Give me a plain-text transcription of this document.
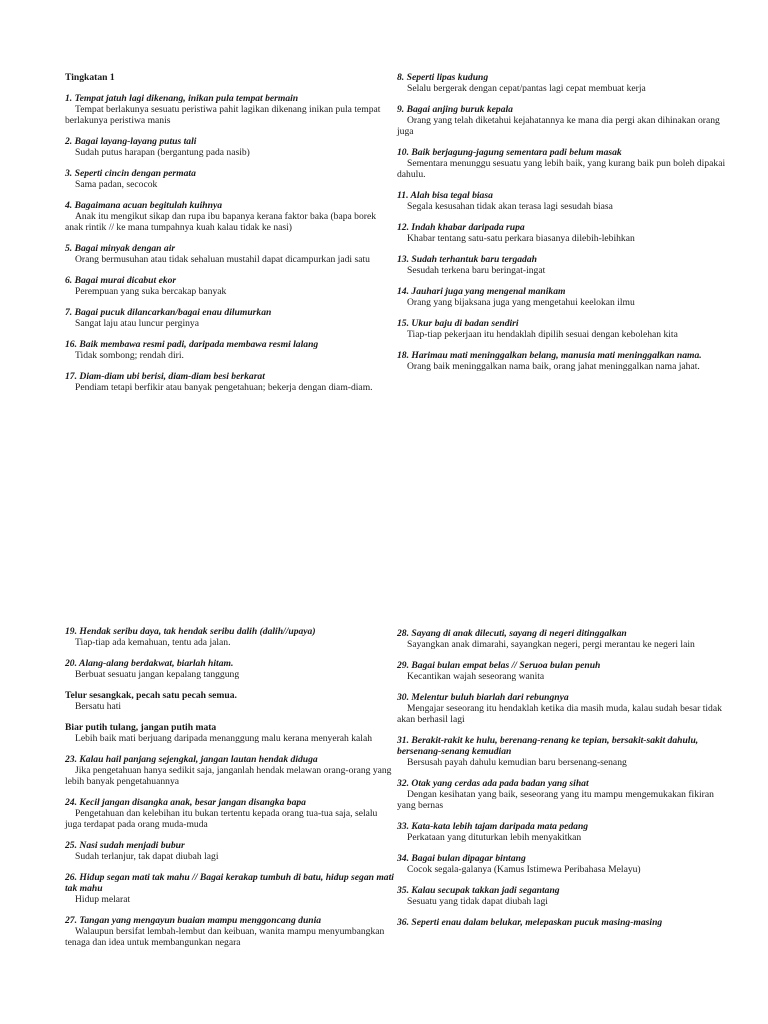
Tingkatan 1
1. Tempat jatuh lagi dikenang, inikan pula tempat bermain
Tempat berlakunya sesuatu peristiwa pahit lagikan dikenang inikan pula tempat berlakunya peristiwa manis
2. Bagai layang-layang putus tali
Sudah putus harapan (bergantung pada nasib)
3. Seperti cincin dengan permata
Sama padan, secocok
4. Bagaimana acuan begitulah kuihnya
Anak itu mengikut sikap dan rupa ibu bapanya kerana faktor baka (bapa borek anak rintik // ke mana tumpahnya kuah kalau tidak ke nasi)
5. Bagai minyak dengan air
Orang bermusuhan atau tidak sehaluan mustahil dapat dicampurkan jadi satu
6. Bagai murai dicabut ekor
Perempuan yang suka bercakap banyak
7. Bagai pucuk dilancarkan/bagai enau dilumurkan
Sangat laju atau luncur perginya
16. Baik membawa resmi padi, daripada membawa resmi lalang
Tidak sombong; rendah diri.
17. Diam-diam ubi berisi, diam-diam besi berkarat
Pendiam tetapi berfikir atau banyak pengetahuan; bekerja dengan diam-diam.
8. Seperti lipas kudung
Selalu bergerak dengan cepat/pantas lagi cepat membuat kerja
9. Bagai anjing buruk kepala
Orang yang telah diketahui kejahatannya ke mana dia pergi akan dihinakan orang juga
10. Baik berjagung-jagung sementara padi belum masak
Sementara menunggu sesuatu yang lebih baik, yang kurang baik pun boleh dipakai dahulu.
11. Alah bisa tegal biasa
Segala kesusahan tidak akan terasa lagi sesudah biasa
12. Indah khabar daripada rupa
Khabar tentang satu-satu perkara biasanya dilebih-lebihkan
13. Sudah terhantuk baru tergadah
Sesudah terkena baru beringat-ingat
14. Jauhari juga yang mengenal manikam
Orang yang bijaksana juga yang mengetahui keelokan ilmu
15. Ukur baju di badan sendiri
Tiap-tiap pekerjaan itu hendaklah dipilih sesuai dengan kebolehan kita
18. Harimau mati meninggalkan belang, manusia mati meninggalkan nama.
Orang baik meninggalkan nama baik, orang jahat meninggalkan nama jahat.
19. Hendak seribu daya, tak hendak seribu dalih (dalih//upaya)
Tiap-tiap ada kemahuan, tentu ada jalan.
20. Alang-alang berdakwat, biarlah hitam.
Berbuat sesuatu jangan kepalang tanggung
Telur sesangkak, pecah satu pecah semua.
Bersatu hati
Biar putih tulang, jangan putih mata
Lebih baik mati berjuang daripada menanggung malu kerana menyerah kalah
23. Kalau hail panjang sejengkal, jangan lautan hendak diduga
Jika pengetahuan hanya sedikit saja, janganlah hendak melawan orang-orang yang lebih banyak pengetahuannya
24. Kecil jangan disangka anak, besar jangan disangka bapa
Pengetahuan dan kelebihan itu bukan tertentu kepada orang tua-tua saja, selalu juga terdapat pada orang muda-muda
25. Nasi sudah menjadi bubur
Sudah terlanjur, tak dapat diubah lagi
26. Hidup segan mati tak mahu // Bagai kerakap tumbuh di batu, hidup segan mati tak mahu
Hidup melarat
27. Tangan yang mengayun buaian mampu menggoncang dunia
Walaupun bersifat lembah-lembut dan keibuan, wanita mampu menyumbangkan tenaga dan idea untuk membangunkan negara
28. Sayang di anak dilecuti, sayang di negeri ditinggalkan
Sayangkan anak dimarahi, sayangkan negeri, pergi merantau ke negeri lain
29. Bagai bulan empat belas // Seruoa bulan penuh
Kecantikan wajah seseorang wanita
30. Melentur buluh biarlah dari rebungnya
Mengajar seseorang itu hendaklah ketika dia masih muda, kalau sudah besar tidak akan berhasil lagi
31. Berakit-rakit ke hulu, berenang-renang ke tepian, bersakit-sakit dahulu, bersenang-senang kemudian
Bersusah payah dahulu kemudian baru bersenang-senang
32. Otak yang cerdas ada pada badan yang sihat
Dengan kesihatan yang baik, seseorang yang itu mampu mengemukakan fikiran yang bernas
33. Kata-kata lebih tajam daripada mata pedang
Perkataan yang dituturkan lebih menyakitkan
34. Bagai bulan dipagar bintang
Cocok segala-galanya (Kamus Istimewa Peribahasa Melayu)
35. Kalau secupak takkan jadi segantang
Sesuatu yang tidak dapat diubah lagi
36. Seperti enau dalam belukar, melepaskan pucuk masing-masing
